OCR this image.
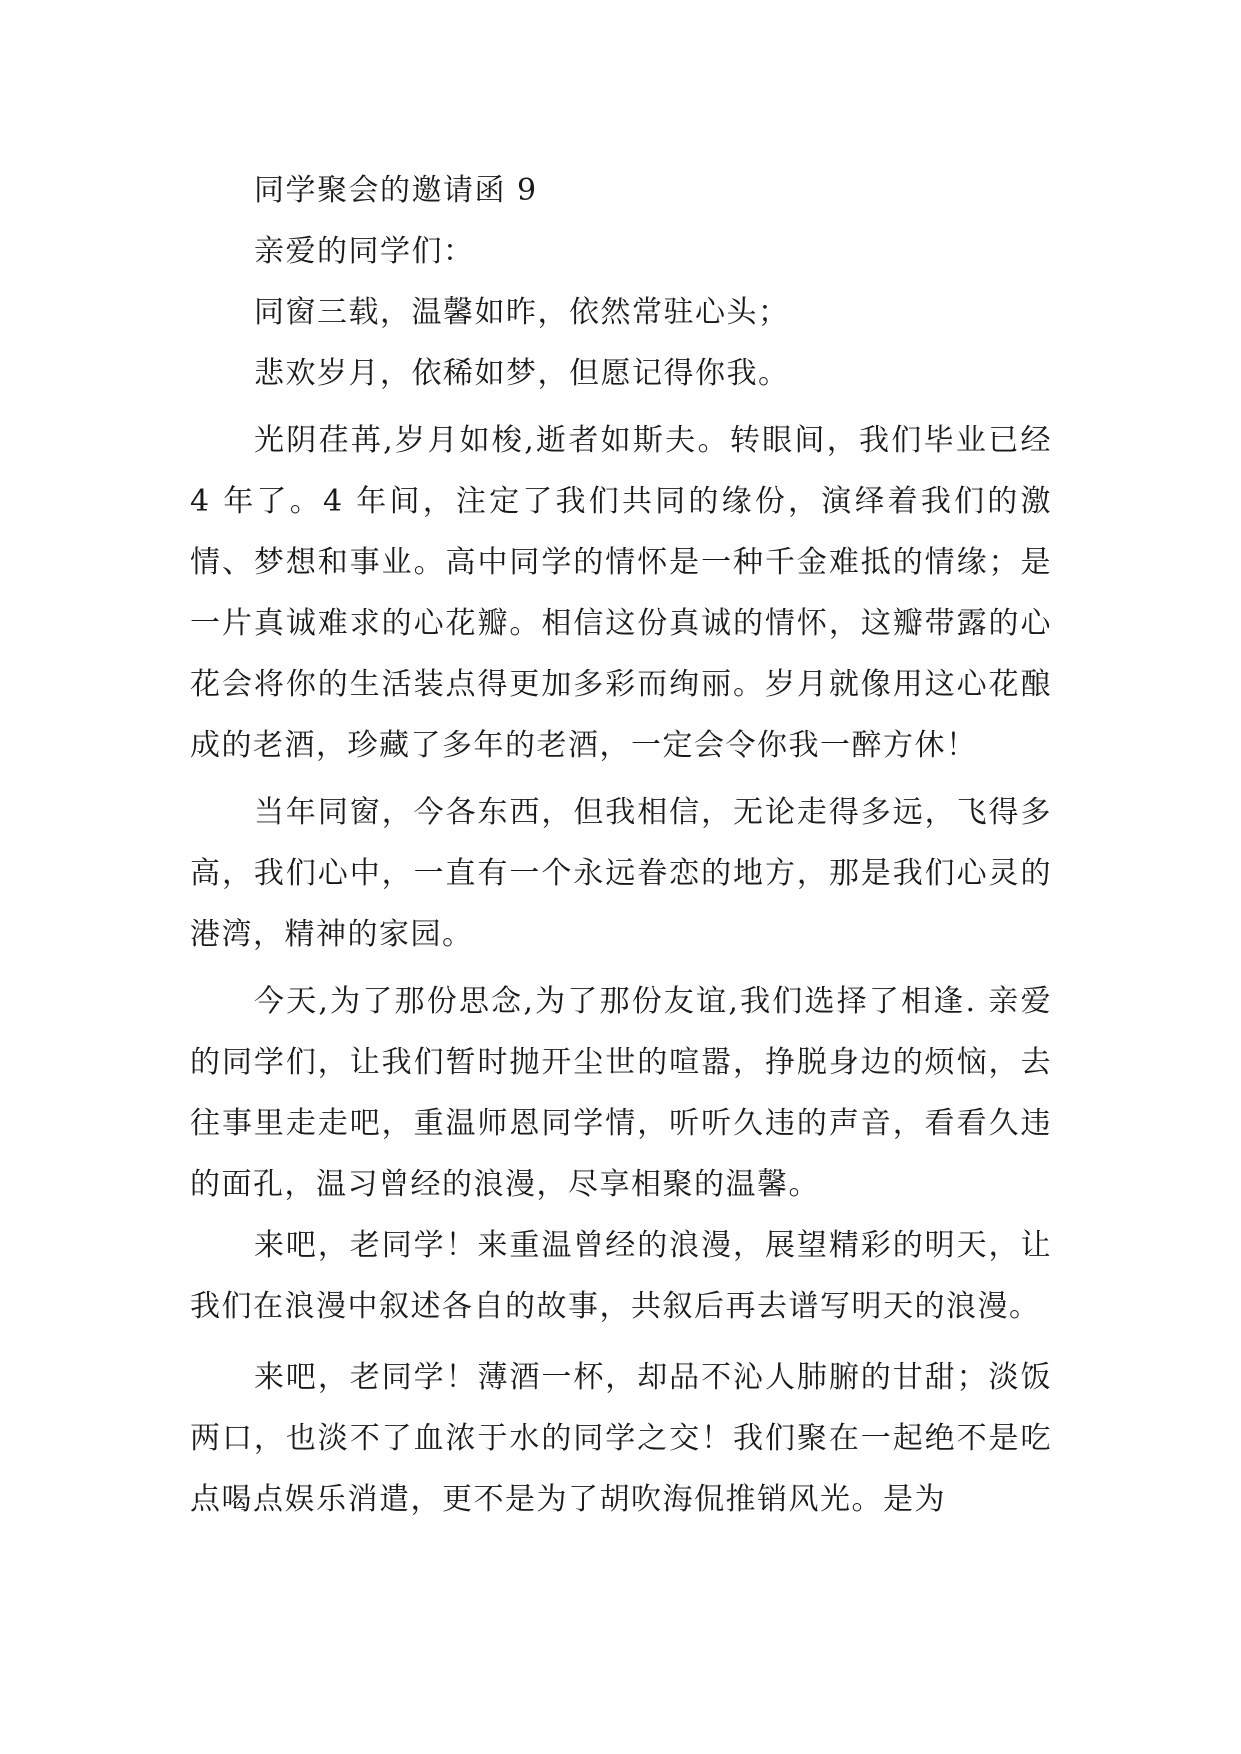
同学聚会的邀请函 9

亲爱的同学们：

同窗三载，温馨如昨，依然常驻心头；

悲欢岁月，依稀如梦，但愿记得你我。

光阴荏苒,岁月如梭,逝者如斯夫。转眼间，我们毕业已经 4 年了。4 年间，注定了我们共同的缘份，演绎着我们的激情、梦想和事业。高中同学的情怀是一种千金难抵的情缘；是一片真诚难求的心花瓣。相信这份真诚的情怀，这瓣带露的心花会将你的生活装点得更加多彩而绚丽。岁月就像用这心花酿成的老酒，珍藏了多年的老酒，一定会令你我一醉方休！

当年同窗，今各东西，但我相信，无论走得多远，飞得多高，我们心中，一直有一个永远眷恋的地方，那是我们心灵的港湾，精神的家园。

今天,为了那份思念,为了那份友谊,我们选择了相逢. 亲爱的同学们，让我们暂时抛开尘世的喧嚣，挣脱身边的烦恼，去往事里走走吧，重温师恩同学情，听听久违的声音，看看久违的面孔，温习曾经的浪漫，尽享相聚的温馨。

来吧，老同学！来重温曾经的浪漫，展望精彩的明天，让我们在浪漫中叙述各自的故事，共叙后再去谱写明天的浪漫。

来吧，老同学！薄酒一杯，却品不沁人肺腑的甘甜；淡饭两口，也淡不了血浓于水的同学之交！我们聚在一起绝不是吃点喝点娱乐消遣，更不是为了胡吹海侃推销风光。是为
